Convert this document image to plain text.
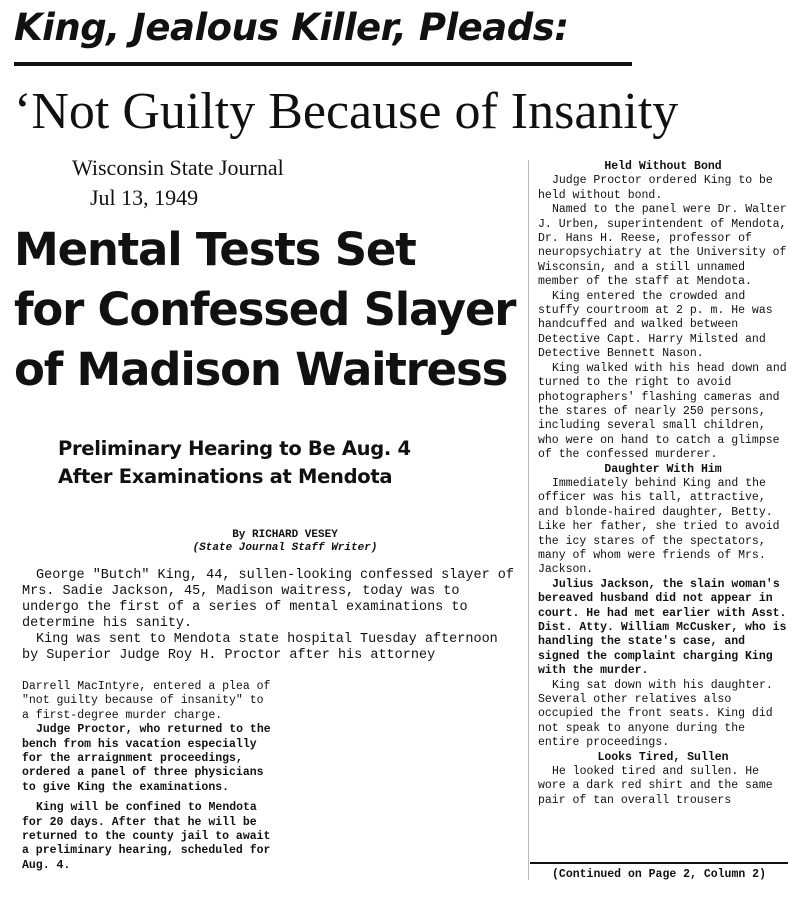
King, Jealous Killer, Pleads:
‘Not Guilty Because of Insanity
Wisconsin State Journal
Jul 13, 1949
Mental Tests Set
for Confessed Slayer
of Madison Waitress
Preliminary Hearing to Be Aug. 4
After Examinations at Mendota
By RICHARD VESEY
(State Journal Staff Writer)

George "Butch" King, 44, sullen-looking confessed slayer of Mrs. Sadie Jackson, 45, Madison waitress, today was to undergo the first of a series of mental examinations to determine his sanity.

King was sent to Mendota state hospital Tuesday afternoon by Superior Judge Roy H. Proctor after his attorney

Darrell MacIntyre, entered a plea of "not guilty because of insanity" to a first-degree murder charge.

Judge Proctor, who returned to the bench from his vacation especially for the arraignment proceedings, ordered a panel of three physicians to give King the examinations.

King will be confined to Mendota for 20 days. After that he will be returned to the county jail to await a preliminary hearing, scheduled for Aug. 4.

Held Without Bond

Judge Proctor ordered King to be held without bond.

Named to the panel were Dr. Walter J. Urben, superintendent of Mendota, Dr. Hans H. Reese, professor of neuropsychiatry at the University of Wisconsin, and a still unnamed member of the staff at Mendota.

King entered the crowded and stuffy courtroom at 2 p. m. He was handcuffed and walked between Detective Capt. Harry Milsted and Detective Bennett Nason.

King walked with his head down and turned to the right to avoid photographers' flashing cameras and the stares of nearly 250 persons, including several small children, who were on hand to catch a glimpse of the confessed murderer.

Daughter With Him

Immediately behind King and the officer was his tall, attractive, and blonde-haired daughter, Betty. Like her father, she tried to avoid the icy stares of the spectators, many of whom were friends of Mrs. Jackson.

Julius Jackson, the slain woman's bereaved husband did not appear in court. He had met earlier with Asst. Dist. Atty. William McCusker, who is handling the state's case, and signed the complaint charging King with the murder.

King sat down with his daughter. Several other relatives also occupied the front seats. King did not speak to anyone during the entire proceedings.

Looks Tired, Sullen

He looked tired and sullen. He wore a dark red shirt and the same pair of tan overall trousers

(Continued on Page 2, Column 2)
